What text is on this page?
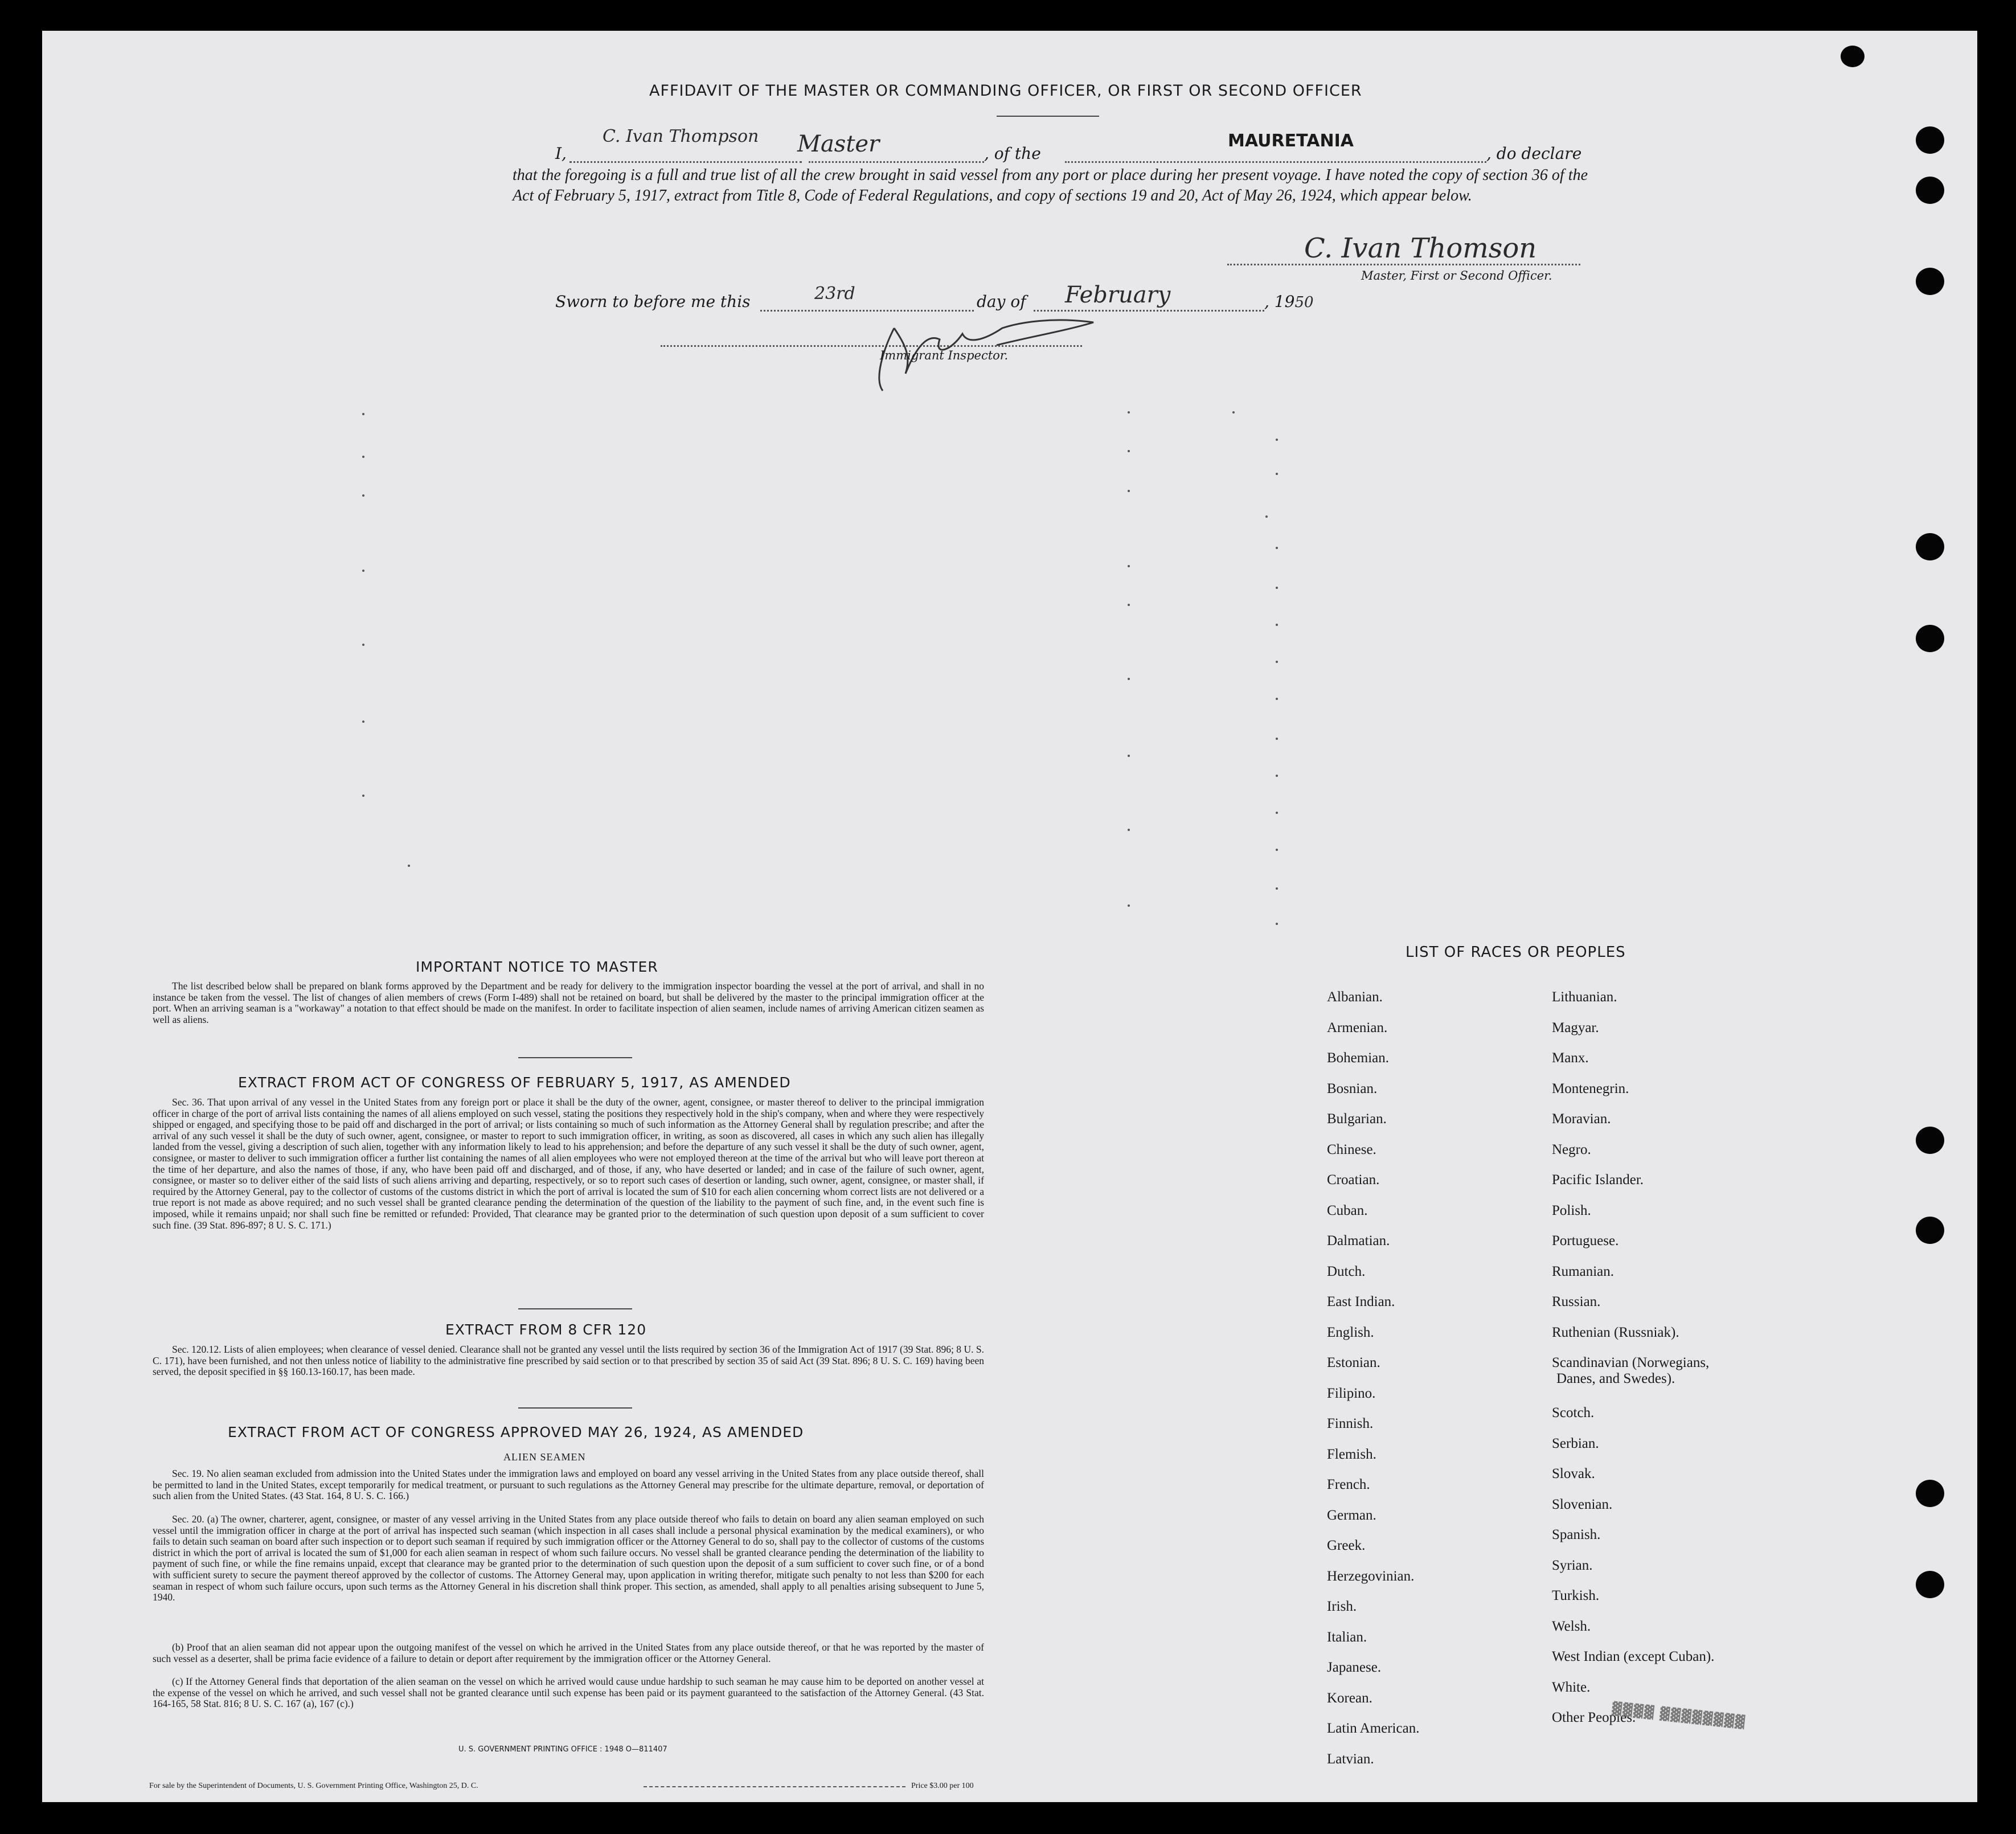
AFFIDAVIT OF THE MASTER OR COMMANDING OFFICER, OR FIRST OR SECOND OFFICER
I,
C. Ivan Thompson Master	, of the
MAURETANIA
, do declare
that the foregoing is a full and true list of all the crew brought in said vessel from any port or place during her present voyage. I have noted the copy of section 36 of the Act of February 5, 1917, extract from Title 8, Code of Federal Regulations, and copy of sections 19 and 20, Act of May 26, 1924, which appear below.
C. Ivan Thomson
Master, First or Second Officer.
Sworn to before me this	23rd	day of February	, 1950
Immigrant Inspector.
IMPORTANT NOTICE TO MASTER
The list described below shall be prepared on blank forms approved by the Department and be ready for delivery to the immigration inspector boarding the vessel at the port of arrival, and shall in no instance be taken from the vessel. The list of changes of alien members of crews (Form I-489) shall not be retained on board, but shall be delivered by the master to the principal immigration officer at the port. When an arriving seaman is a "workaway" a notation to that effect should be made on the manifest. In order to facilitate inspection of alien seamen, include names of arriving American citizen seamen as well as aliens.
EXTRACT FROM ACT OF CONGRESS OF FEBRUARY 5, 1917, AS AMENDED
Sec. 36. That upon arrival of any vessel in the United States from any foreign port or place it shall be the duty of the owner, agent, consignee, or master thereof to deliver to the principal immigration officer in charge of the port of arrival lists containing the names of all aliens employed on such vessel, stating the positions they respectively hold in the ship's company, when and where they were respectively shipped or engaged, and specifying those to be paid off and discharged in the port of arrival; or lists containing so much of such information as the Attorney General shall by regulation prescribe; and after the arrival of any such vessel it shall be the duty of such owner, agent, consignee, or master to report to such immigration officer, in writing, as soon as discovered, all cases in which any such alien has illegally landed from the vessel, giving a description of such alien, together with any information likely to lead to his apprehension; and before the departure of any such vessel it shall be the duty of such owner, agent, consignee, or master to deliver to such immigration officer a further list containing the names of all alien employees who were not employed thereon at the time of the arrival but who will leave port thereon at the time of her departure, and also the names of those, if any, who have been paid off and discharged, and of those, if any, who have deserted or landed; and in case of the failure of such owner, agent, consignee, or master so to deliver either of the said lists of such aliens arriving and departing, respectively, or so to report such cases of desertion or landing, such owner, agent, consignee, or master shall, if required by the Attorney General, pay to the collector of customs of the customs district in which the port of arrival is located the sum of $10 for each alien concerning whom correct lists are not delivered or a true report is not made as above required; and no such vessel shall be granted clearance pending the determination of the question of the liability to the payment of such fine, and, in the event such fine is imposed, while it remains unpaid; nor shall such fine be remitted or refunded: Provided, That clearance may be granted prior to the determination of such question upon deposit of a sum sufficient to cover such fine. (39 Stat. 896-897; 8 U. S. C. 171.)
EXTRACT FROM 8 CFR 120
Sec. 120.12. Lists of alien employees; when clearance of vessel denied. Clearance shall not be granted any vessel until the lists required by section 36 of the Immigration Act of 1917 (39 Stat. 896; 8 U. S. C. 171), have been furnished, and not then unless notice of liability to the administrative fine prescribed by said section or to that prescribed by section 35 of said Act (39 Stat. 896; 8 U. S. C. 169) having been served, the deposit specified in §§ 160.13-160.17, has been made.
EXTRACT FROM ACT OF CONGRESS APPROVED MAY 26, 1924, AS AMENDED
ALIEN SEAMEN
Sec. 19. No alien seaman excluded from admission into the United States under the immigration laws and employed on board any vessel arriving in the United States from any place outside thereof, shall be permitted to land in the United States, except temporarily for medical treatment, or pursuant to such regulations as the Attorney General may prescribe for the ultimate departure, removal, or deportation of such alien from the United States. (43 Stat. 164, 8 U. S. C. 166.)
Sec. 20. (a) The owner, charterer, agent, consignee, or master of any vessel arriving in the United States from any place outside thereof who fails to detain on board any alien seaman employed on such vessel until the immigration officer in charge at the port of arrival has inspected such seaman (which inspection in all cases shall include a personal physical examination by the medical examiners), or who fails to detain such seaman on board after such inspection or to deport such seaman if required by such immigration officer or the Attorney General to do so, shall pay to the collector of customs of the customs district in which the port of arrival is located the sum of $1,000 for each alien seaman in respect of whom such failure occurs. No vessel shall be granted clearance pending the determination of the liability to payment of such fine, or while the fine remains unpaid, except that clearance may be granted prior to the determination of such question upon the deposit of a sum sufficient to cover such fine, or of a bond with sufficient surety to secure the payment thereof approved by the collector of customs. The Attorney General may, upon application in writing therefor, mitigate such penalty to not less than $200 for each seaman in respect of whom such failure occurs, upon such terms as the Attorney General in his discretion shall think proper. This section, as amended, shall apply to all penalties arising subsequent to June 5, 1940.
(b) Proof that an alien seaman did not appear upon the outgoing manifest of the vessel on which he arrived in the United States from any place outside thereof, or that he was reported by the master of such vessel as a deserter, shall be prima facie evidence of a failure to detain or deport after requirement by the immigration officer or the Attorney General.
(c) If the Attorney General finds that deportation of the alien seaman on the vessel on which he arrived would cause undue hardship to such seaman he may cause him to be deported on another vessel at the expense of the vessel on which he arrived, and such vessel shall not be granted clearance until such expense has been paid or its payment guaranteed to the satisfaction of the Attorney General. (43 Stat. 164-165, 58 Stat. 816; 8 U. S. C. 167 (a), 167 (c).)
U. S. GOVERNMENT PRINTING OFFICE : 1948 O—811407
For sale by the Superintendent of Documents, U. S. Government Printing Office, Washington 25, D. C.	Price $3.00 per 100
LIST OF RACES OR PEOPLES
Albanian.
Armenian.
Bohemian.
Bosnian.
Bulgarian.
Chinese.
Croatian.
Cuban.
Dalmatian.
Dutch.
East Indian.
English.
Estonian.
Filipino.
Finnish.
Flemish.
French.
German.
Greek.
Herzegovinian.
Irish.
Italian.
Japanese.
Korean.
Latin American.
Latvian.
Lithuanian.
Magyar.
Manx.
Montenegrin.
Moravian.
Negro.
Pacific Islander.
Polish.
Portuguese.
Rumanian.
Russian.
Ruthenian (Russniak).
Scandinavian (Norwegians,
Danes, and Swedes).
Scotch.
Serbian.
Slovak.
Slovenian.
Spanish.
Syrian.
Turkish.
Welsh.
West Indian (except Cuban).
White.
Other Peoples.
▓▓▓▓ ▓▓▓▓▓▓▓▓
